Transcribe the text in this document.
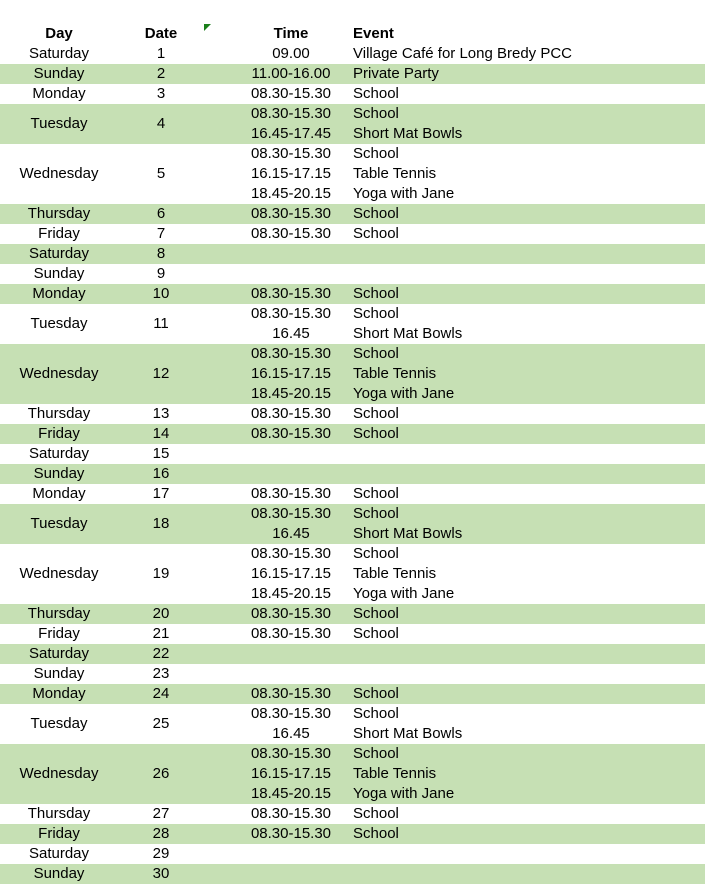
Day	Date		Time	Event
Saturday	1		09.00	Village Café for Long Bredy PCC
Sunday	2		11.00-16.00	Private Party
Monday	3		08.30-15.30	School
Tuesday	4		08.30-15.30	School
			16.45-17.45	Short Mat Bowls
Wednesday	5		08.30-15.30	School
			16.15-17.15	Table Tennis
			18.45-20.15	Yoga with Jane
Thursday	6		08.30-15.30	School
Friday	7		08.30-15.30	School
Saturday	8			
Sunday	9			
Monday	10		08.30-15.30	School
Tuesday	11		08.30-15.30	School
			16.45	Short Mat Bowls
Wednesday	12		08.30-15.30	School
			16.15-17.15	Table Tennis
			18.45-20.15	Yoga with Jane
Thursday	13		08.30-15.30	School
Friday	14		08.30-15.30	School
Saturday	15			
Sunday	16			
Monday	17		08.30-15.30	School
Tuesday	18		08.30-15.30	School
			16.45	Short Mat Bowls
Wednesday	19		08.30-15.30	School
			16.15-17.15	Table Tennis
			18.45-20.15	Yoga with Jane
Thursday	20		08.30-15.30	School
Friday	21		08.30-15.30	School
Saturday	22			
Sunday	23			
Monday	24		08.30-15.30	School
Tuesday	25		08.30-15.30	School
			16.45	Short Mat Bowls
Wednesday	26		08.30-15.30	School
			16.15-17.15	Table Tennis
			18.45-20.15	Yoga with Jane
Thursday	27		08.30-15.30	School
Friday	28		08.30-15.30	School
Saturday	29			
Sunday	30			
